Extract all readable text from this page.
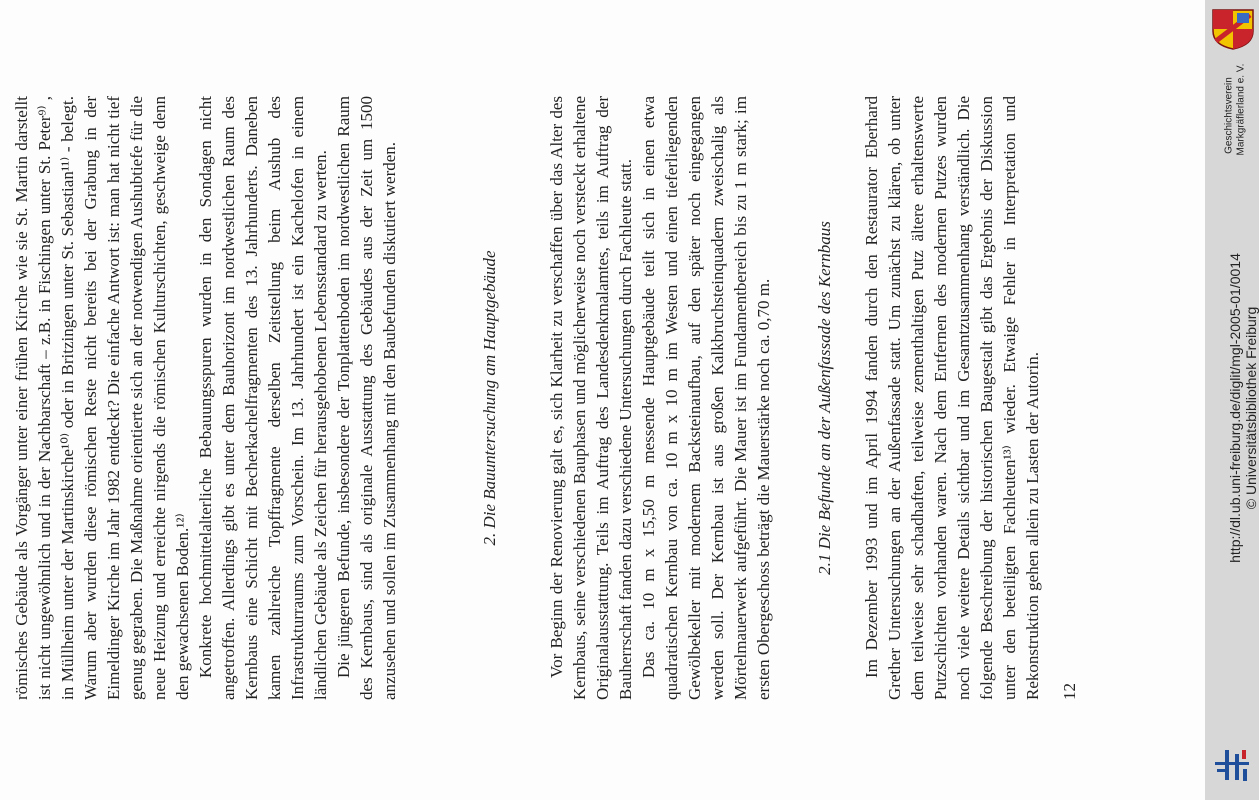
römisches Gebäude als Vorgänger unter einer frühen Kirche wie sie St. Martin darstellt ist nicht ungewöhnlich und in der Nachbarschaft – z.B. in Fischingen unter St. Peter⁹⁾ , in Müllheim unter der Martinskirche¹⁰⁾ oder in Britzingen unter St. Sebastian¹¹⁾ - belegt. Warum aber wurden diese römischen Reste nicht bereits bei der Grabung in der Eimeldinger Kirche im Jahr 1982 entdeckt? Die einfache Antwort ist: man hat nicht tief genug gegraben. Die Maßnahme orientierte sich an der notwendigen Aushubtiefe für die neue Heizung und erreichte nirgends die römischen Kulturschichten, geschweige denn den gewachsenen Boden.¹²⁾ Konkrete hochmittelalterliche Bebauungsspuren wurden in den Sondagen nicht angetroffen. Allerdings gibt es unter dem Bauhorizont im nordwestlichen Raum des Kernbaus eine Schicht mit Becherkachelfragmenten des 13. Jahrhunderts. Daneben kamen zahlreiche Topffragmente derselben Zeitstellung beim Aushub des Infrastrukturraums zum Vorschein. Im 13. Jahrhundert ist ein Kachelofen in einem ländlichen Gebäude als Zeichen für herausgehobenen Lebensstandard zu werten. Die jüngeren Befunde, insbesondere der Tonplattenboden im nordwestlichen Raum des Kernbaus, sind als originale Ausstattung des Gebäudes aus der Zeit um 1500 anzusehen und sollen im Zusammenhang mit den Baubefunden diskutiert werden.	2. Die Bauuntersuchung am Hauptgebäude	Vor Beginn der Renovierung galt es, sich Klarheit zu verschaffen über das Alter des Kernbaus, seine verschiedenen Bauphasen und möglicherweise noch versteckt erhaltene Originalausstattung. Teils im Auftrag des Landesdenkmalamtes, teils im Auftrag der Bauherrschaft fanden dazu verschiedene Untersuchungen durch Fachleute statt. Das ca. 10 m x 15,50 m messende Hauptgebäude teilt sich in einen etwa quadratischen Kernbau von ca. 10 m x 10 m im Westen und einen tieferliegenden Gewölbekeller mit modernem Backsteinaufbau, auf den später noch eingegangen werden soll. Der Kernbau ist aus großen Kalkbruchsteinquadern zweischalig als Mörtelmauerwerk aufgeführt. Die Mauer ist im Fundamentbereich bis zu 1 m stark; im ersten Obergeschoss beträgt die Mauerstärke noch ca. 0,70 m. 2.1 Die Befunde an der Außenfassade des Kernbaus Im Dezember 1993 und im April 1994 fanden durch den Restaurator Eberhard Grether Untersuchungen an der Außenfassade statt. Um zunächst zu klären, ob unter dem teilweise sehr schadhaften, teilweise zementhaltigen Putz ältere erhaltenswerte Putzschichten vorhanden waren. Nach dem Entfernen des modernen Putzes wurden noch viele weitere Details sichtbar und im Gesamtzusammenhang verständlich. Die folgende Beschreibung der historischen Baugestalt gibt das Ergebnis der Diskussion unter den beteiligten Fachleuten¹³⁾ wieder. Etwaige Fehler in Interpretation und Rekonstruktion gehen allein zu Lasten der Autorin. 12
Geschichtsverein Markgräflerland e. V.
http://dl.ub.uni-freiburg.de/diglit/mgl-2005-01/0014 © Universitätsbibliothek Freiburg
